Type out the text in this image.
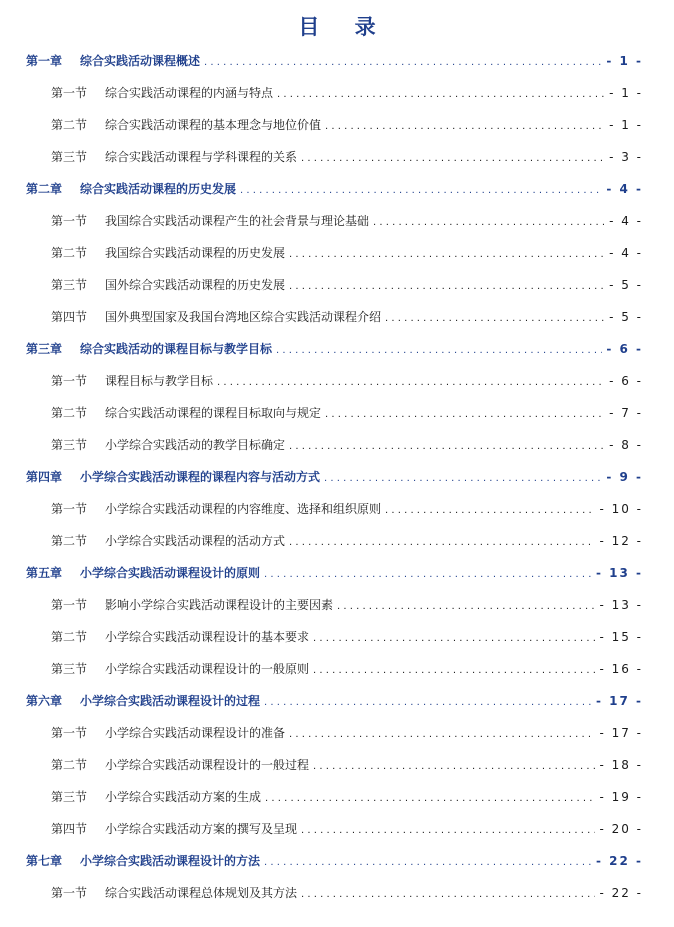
目 录
第一章	综合实践活动课程概述 . . .	- 1 -
第一节	综合实践活动课程的内涵与特点 . . .	- 1 -
第二节	综合实践活动课程的基本理念与地位价值 . . .	- 1 -
第三节	综合实践活动课程与学科课程的关系 . . .	- 3 -
第二章	综合实践活动课程的历史发展 . . .	- 4 -
第一节	我国综合实践活动课程产生的社会背景与理论基础 . . .	- 4 -
第二节	我国综合实践活动课程的历史发展 . . .	- 4 -
第三节	国外综合实践活动课程的历史发展 . . .	- 5 -
第四节	国外典型国家及我国台湾地区综合实践活动课程介绍 . . .	- 5 -
第三章	综合实践活动的课程目标与教学目标 . . .	- 6 -
第一节	课程目标与教学目标 . . .	- 6 -
第二节	综合实践活动课程的课程目标取向与规定 . . .	- 7 -
第三节	小学综合实践活动的教学目标确定 . . .	- 8 -
第四章	小学综合实践活动课程的课程内容与活动方式 . . .	- 9 -
第一节	小学综合实践活动课程的内容维度、选择和组织原则 . . .	- 10 -
第二节	小学综合实践活动课程的活动方式 . . .	- 12 -
第五章	小学综合实践活动课程设计的原则 . . .	- 13 -
第一节	影响小学综合实践活动课程设计的主要因素 . . .	- 13 -
第二节	小学综合实践活动课程设计的基本要求 . . .	- 15 -
第三节	小学综合实践活动课程设计的一般原则 . . .	- 16 -
第六章	小学综合实践活动课程设计的过程 . . .	- 17 -
第一节	小学综合实践活动课程设计的准备 . . .	- 17 -
第二节	小学综合实践活动课程设计的一般过程 . . .	- 18 -
第三节	小学综合实践活动方案的生成 . . .	- 19 -
第四节	小学综合实践活动方案的撰写及呈现 . . .	- 20 -
第七章	小学综合实践活动课程设计的方法 . . .	- 22 -
第一节	综合实践活动课程总体规划及其方法 . . .	- 22 -
